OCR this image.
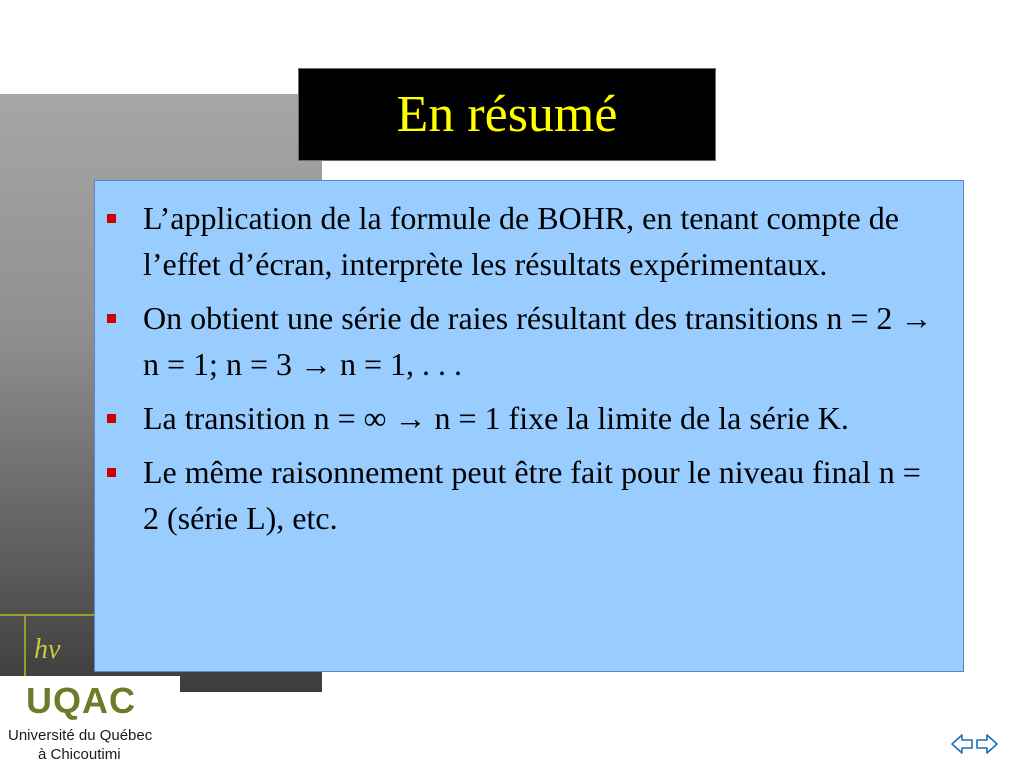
hν
En résumé
L’application de la formule de BOHR, en tenant compte de l’effet d’écran, interprète les résultats expérimentaux.
On obtient une série de raies résultant des transitions n = 2 → n = 1; n = 3 → n = 1, . . .
La transition n = ∞ → n = 1 fixe la limite de la série K.
Le même raisonnement peut être fait pour le niveau final n = 2 (série L), etc.
UQAC
Université du Québec
à Chicoutimi
